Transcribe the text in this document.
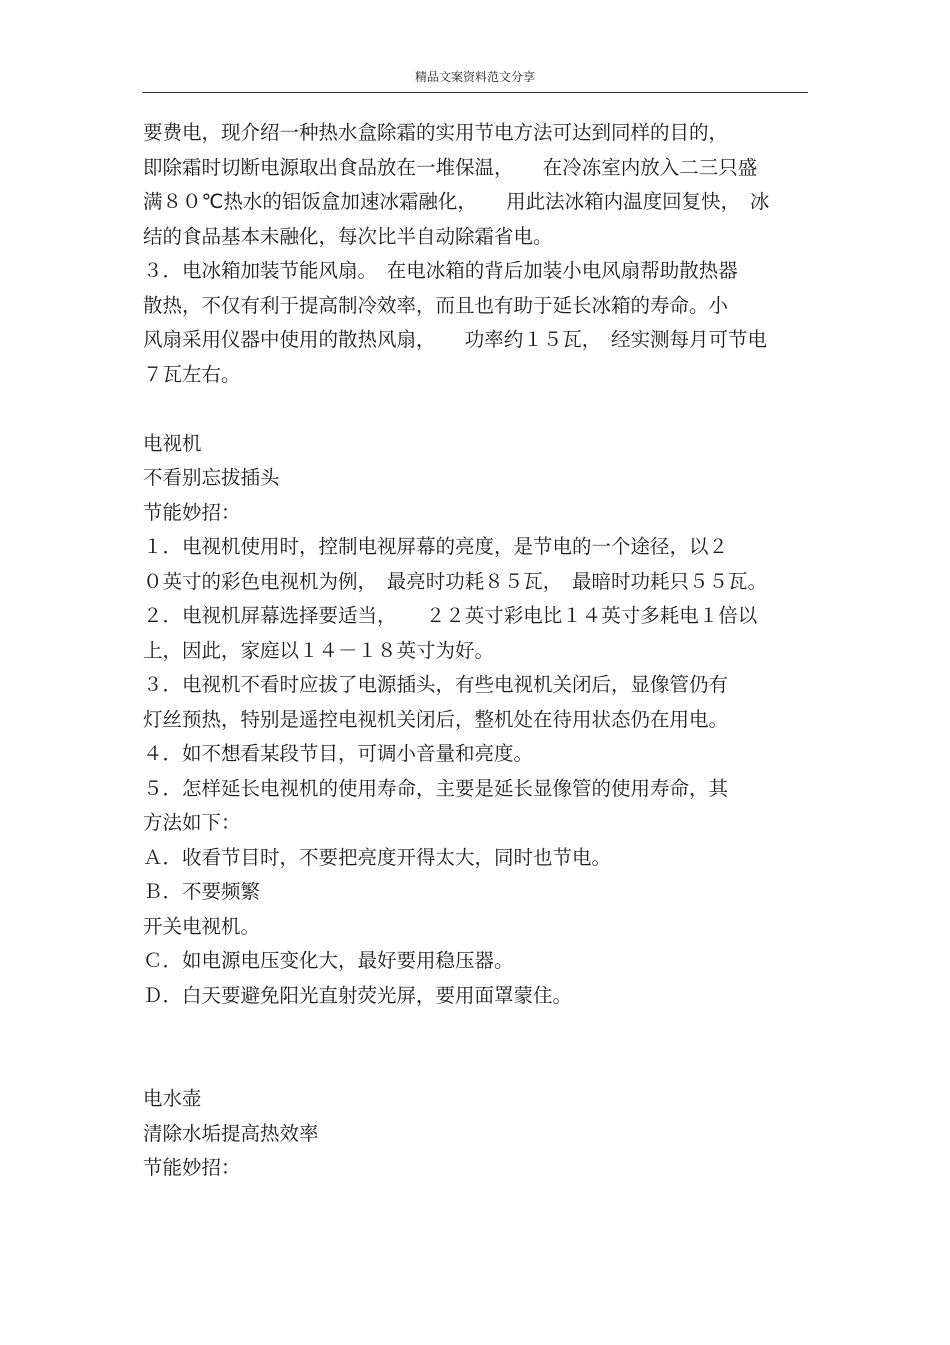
精品文案资料范文分享
要费电，现介绍一种热水盒除霜的实用节电方法可达到同样的目的，
即除霜时切断电源取出食品放在一堆保温，　　在冷冻室内放入二三只盛
满８０℃热水的铝饭盒加速冰霜融化，　　用此法冰箱内温度回复快，　冰
结的食品基本未融化，每次比半自动除霜省电。
３．电冰箱加装节能风扇。　在电冰箱的背后加装小电风扇帮助散热器
散热，不仅有利于提高制冷效率，而且也有助于延长冰箱的寿命。小
风扇采用仪器中使用的散热风扇，　　功率约１５瓦，　经实测每月可节电
７瓦左右。
电视机
不看别忘拔插头
节能妙招：
１．电视机使用时，控制电视屏幕的亮度，是节电的一个途径，以２
０英寸的彩色电视机为例，　最亮时功耗８５瓦，　最暗时功耗只５５瓦。
２．电视机屏幕选择要适当，　　２２英寸彩电比１４英寸多耗电１倍以
上，因此，家庭以１４－１８英寸为好。
３．电视机不看时应拔了电源插头，有些电视机关闭后，显像管仍有
灯丝预热，特别是遥控电视机关闭后，整机处在待用状态仍在用电。
４．如不想看某段节目，可调小音量和亮度。
５．怎样延长电视机的使用寿命，主要是延长显像管的使用寿命，其
方法如下：
Ａ．收看节目时，不要把亮度开得太大，同时也节电。
Ｂ．不要频繁
开关电视机。
Ｃ．如电源电压变化大，最好要用稳压器。
Ｄ．白天要避免阳光直射荧光屏，要用面罩蒙住。
电水壶
清除水垢提高热效率
节能妙招：
